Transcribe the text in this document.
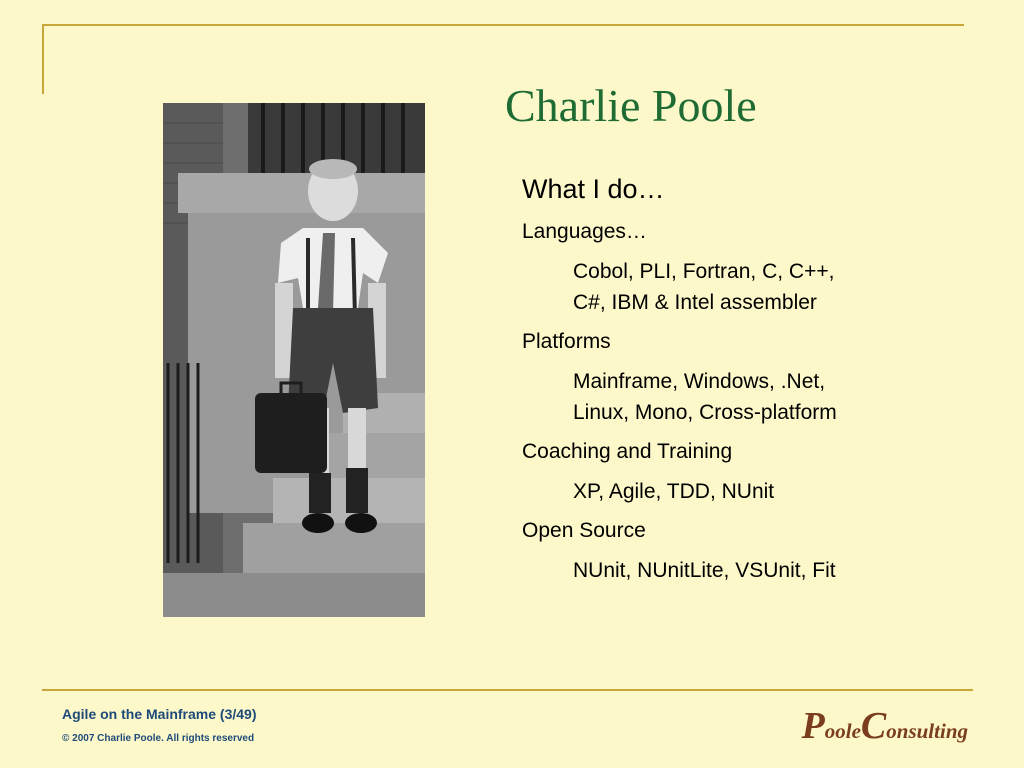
Charlie Poole
What I do…
Languages…
Cobol, PLI, Fortran, C, C++,
C#, IBM & Intel assembler
Platforms
Mainframe, Windows, .Net,
Linux, Mono, Cross-platform
Coaching and Training
XP, Agile, TDD, NUnit
Open Source
NUnit, NUnitLite, VSUnit, Fit
Agile on the Mainframe (3/49)
© 2007 Charlie Poole. All rights reserved	PooleConsulting
